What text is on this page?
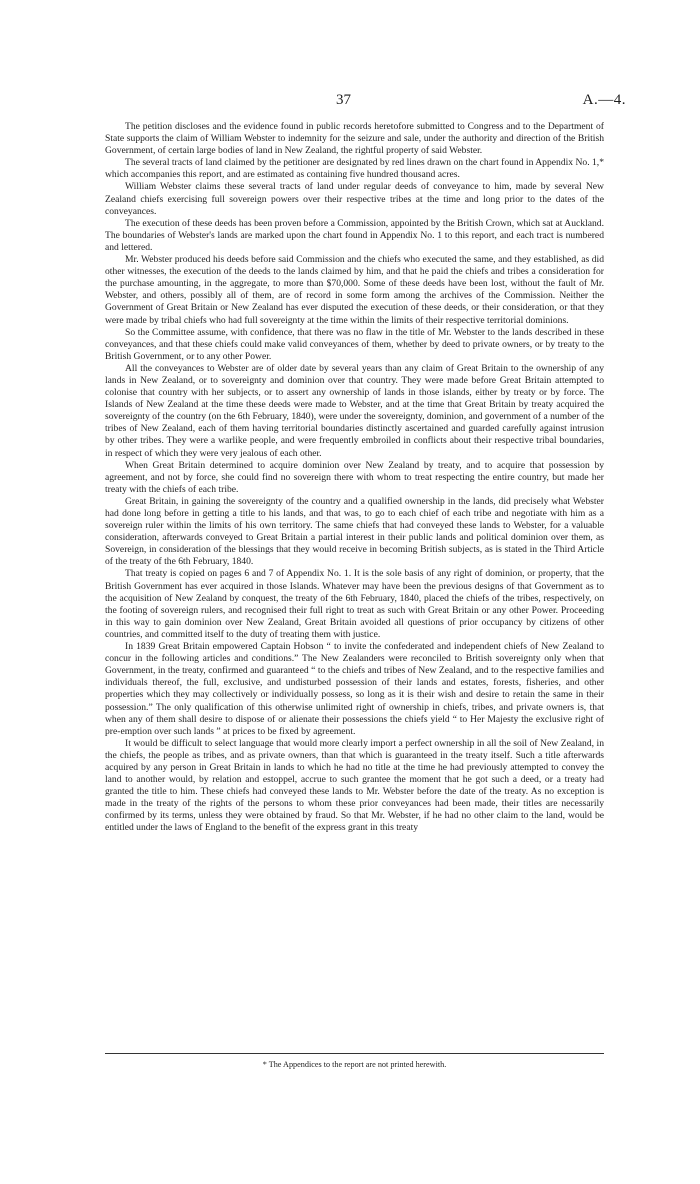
37	A.—4.

The petition discloses and the evidence found in public records heretofore submitted to Congress and to the Department of State supports the claim of William Webster to indemnity for the seizure and sale, under the authority and direction of the British Government, of certain large bodies of land in New Zealand, the rightful property of said Webster.

The several tracts of land claimed by the petitioner are designated by red lines drawn on the chart found in Appendix No. 1,* which accompanies this report, and are estimated as containing five hundred thousand acres.

William Webster claims these several tracts of land under regular deeds of conveyance to him, made by several New Zealand chiefs exercising full sovereign powers over their respective tribes at the time and long prior to the dates of the conveyances.

The execution of these deeds has been proven before a Commission, appointed by the British Crown, which sat at Auckland. The boundaries of Webster's lands are marked upon the chart found in Appendix No. 1 to this report, and each tract is numbered and lettered.

Mr. Webster produced his deeds before said Commission and the chiefs who executed the same, and they established, as did other witnesses, the execution of the deeds to the lands claimed by him, and that he paid the chiefs and tribes a consideration for the purchase amounting, in the aggregate, to more than $70,000. Some of these deeds have been lost, without the fault of Mr. Webster, and others, possibly all of them, are of record in some form among the archives of the Commission. Neither the Government of Great Britain or New Zealand has ever disputed the execution of these deeds, or their consideration, or that they were made by tribal chiefs who had full sovereignty at the time within the limits of their respective territorial dominions.

So the Committee assume, with confidence, that there was no flaw in the title of Mr. Webster to the lands described in these conveyances, and that these chiefs could make valid conveyances of them, whether by deed to private owners, or by treaty to the British Government, or to any other Power.

All the conveyances to Webster are of older date by several years than any claim of Great Britain to the ownership of any lands in New Zealand, or to sovereignty and dominion over that country. They were made before Great Britain attempted to colonise that country with her subjects, or to assert any ownership of lands in those islands, either by treaty or by force. The Islands of New Zealand at the time these deeds were made to Webster, and at the time that Great Britain by treaty acquired the sovereignty of the country (on the 6th February, 1840), were under the sovereignty, dominion, and government of a number of the tribes of New Zealand, each of them having territorial boundaries distinctly ascertained and guarded carefully against intrusion by other tribes. They were a warlike people, and were frequently embroiled in conflicts about their respective tribal boundaries, in respect of which they were very jealous of each other.

When Great Britain determined to acquire dominion over New Zealand by treaty, and to acquire that possession by agreement, and not by force, she could find no sovereign there with whom to treat respecting the entire country, but made her treaty with the chiefs of each tribe.

Great Britain, in gaining the sovereignty of the country and a qualified ownership in the lands, did precisely what Webster had done long before in getting a title to his lands, and that was, to go to each chief of each tribe and negotiate with him as a sovereign ruler within the limits of his own territory. The same chiefs that had conveyed these lands to Webster, for a valuable consideration, afterwards conveyed to Great Britain a partial interest in their public lands and political dominion over them, as Sovereign, in consideration of the blessings that they would receive in becoming British subjects, as is stated in the Third Article of the treaty of the 6th February, 1840.

That treaty is copied on pages 6 and 7 of Appendix No. 1. It is the sole basis of any right of dominion, or property, that the British Government has ever acquired in those Islands. Whatever may have been the previous designs of that Government as to the acquisition of New Zealand by conquest, the treaty of the 6th February, 1840, placed the chiefs of the tribes, respectively, on the footing of sovereign rulers, and recognised their full right to treat as such with Great Britain or any other Power. Proceeding in this way to gain dominion over New Zealand, Great Britain avoided all questions of prior occupancy by citizens of other countries, and committed itself to the duty of treating them with justice.

In 1839 Great Britain empowered Captain Hobson “ to invite the confederated and independent chiefs of New Zealand to concur in the following articles and conditions.” The New Zealanders were reconciled to British sovereignty only when that Government, in the treaty, confirmed and guaranteed “ to the chiefs and tribes of New Zealand, and to the respective families and individuals thereof, the full, exclusive, and undisturbed possession of their lands and estates, forests, fisheries, and other properties which they may collectively or individually possess, so long as it is their wish and desire to retain the same in their possession.” The only qualification of this otherwise unlimited right of ownership in chiefs, tribes, and private owners is, that when any of them shall desire to dispose of or alienate their possessions the chiefs yield “ to Her Majesty the exclusive right of pre-emption over such lands ” at prices to be fixed by agreement.

It would be difficult to select language that would more clearly import a perfect ownership in all the soil of New Zealand, in the chiefs, the people as tribes, and as private owners, than that which is guaranteed in the treaty itself. Such a title afterwards acquired by any person in Great Britain in lands to which he had no title at the time he had previously attempted to convey the land to another would, by relation and estoppel, accrue to such grantee the moment that he got such a deed, or a treaty had granted the title to him. These chiefs had conveyed these lands to Mr. Webster before the date of the treaty. As no exception is made in the treaty of the rights of the persons to whom these prior conveyances had been made, their titles are necessarily confirmed by its terms, unless they were obtained by fraud. So that Mr. Webster, if he had no other claim to the land, would be entitled under the laws of England to the benefit of the express grant in this treaty

* The Appendices to the report are not printed herewith.
